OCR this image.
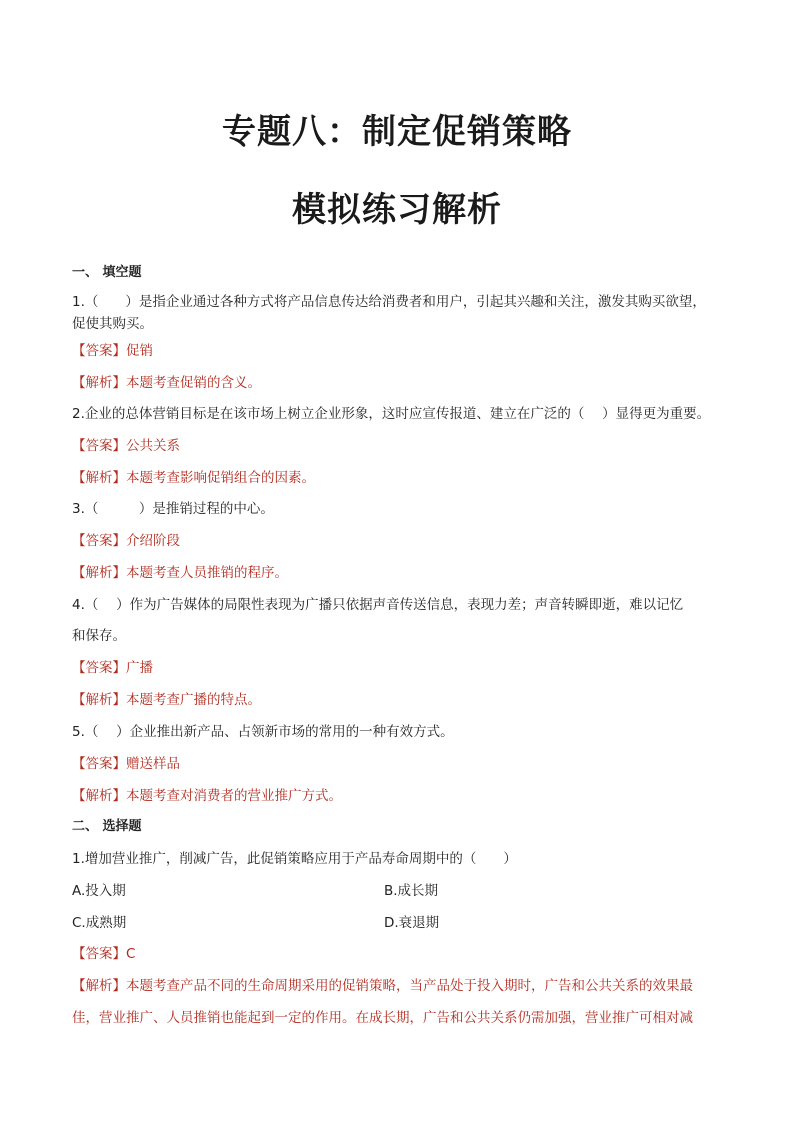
专题八：制定促销策略
模拟练习解析
一、 填空题
1.（　　）是指企业通过各种方式将产品信息传达给消费者和用户，引起其兴趣和关注，激发其购买欲望，
促使其购买。
【答案】促销
【解析】本题考查促销的含义。
2.企业的总体营销目标是在该市场上树立企业形象，这时应宣传报道、建立在广泛的（　 ）显得更为重要。
【答案】公共关系
【解析】本题考查影响促销组合的因素。
3.（　　　）是推销过程的中心。
【答案】介绍阶段
【解析】本题考查人员推销的程序。
4.（　 ）作为广告媒体的局限性表现为广播只依据声音传送信息，表现力差；声音转瞬即逝，难以记忆
和保存。
【答案】广播
【解析】本题考查广播的特点。
5.（　 ）企业推出新产品、占领新市场的常用的一种有效方式。
【答案】赠送样品
【解析】本题考查对消费者的营业推广方式。
二、 选择题
1.增加营业推广，削减广告，此促销策略应用于产品寿命周期中的（　　）
A.投入期	B.成长期
C.成熟期	D.衰退期
【答案】C
【解析】本题考查产品不同的生命周期采用的促销策略，当产品处于投入期时，广告和公共关系的效果最
佳，营业推广、人员推销也能起到一定的作用。在成长期，广告和公共关系仍需加强，营业推广可相对减
